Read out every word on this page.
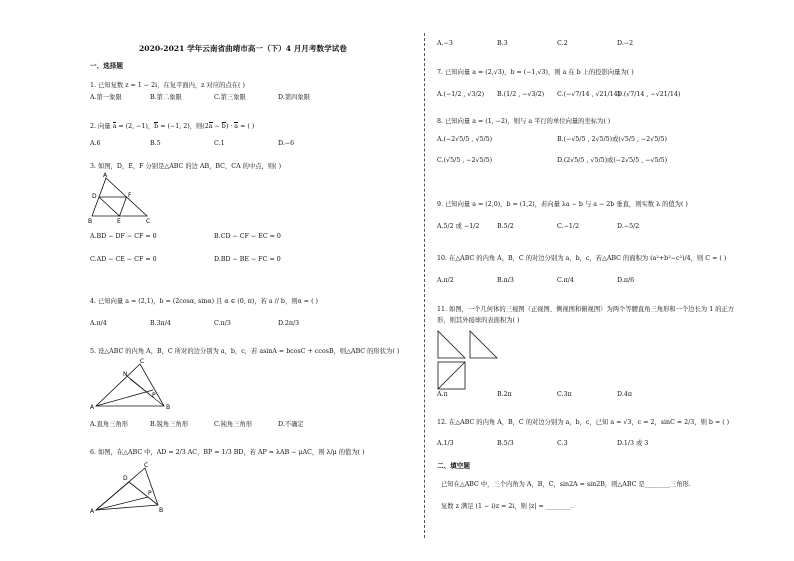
2020-2021 学年云南省曲靖市高一（下）4 月月考数学试卷
一、选择题
1. 已知复数 z = 1 − 2i，在复平面内，z 对应的点在( )
A.第一象限	B.第二象限	C.第三象限	D.第四象限
2. 向量 a = (2, −1)，b = (−1, 2)，则(2a − b) · a = ( )
A.6	B.5	C.1	D.−6
3. 如图，D，E，F 分别是△ABC 的边 AB，BC，CA 的中点，则( )
A
B	C
D
E
F
A.BD − DF − CF = 0	B.CD − CF − EC = 0
C.AD − CE − CF = 0	D.BD − BE − FC = 0
4. 已知向量 a = (2,1)，b = (2cosα, sinα) 且 α ∈ (0, π)，若 a // b，则α = ( )
A.π/4	B.3π/4	C.π/3	D.2π/3
5. 设△ABC 的内角 A，B，C 所对的边分别为 a，b，c，若 asinA = bcosC + ccosB，则△ABC 的形状为( )
C
A	B
N
P
A.直角三角形	B.锐角三角形	C.钝角三角形	D.不确定
6. 如图，在△ABC 中，AD = 2/3 AC，BP = 1/3 BD，若 AP = λAB − μAC，则 λ/μ 的值为( )
C
A	B
D
P
A.−3	B.3	C.2	D.−2
7. 已知向量 a = (2,√3)，b = (−1,√3)，则 a 在 b 上的投影向量为( )
A.(−1/2 , √3/2) B.(1/2 , −√3/2) C.(−√7/14 , √21/14)
D.(√7/14 , −√21/14)
8. 已知向量 a = (1, −2)，则与 a 平行的单位向量的坐标为( )
A.(−2√5/5 , √5/5)	B.(−√5/5 , 2√5/5)或(√5/5 , −2√5/5)
C.(√5/5 , −2√5/5)	D.(2√5/5 , √5/5)或(−2√5/5 , −√5/5)
9. 已知向量 a = (2,0)，b = (1,2)，若向量 λa − b 与 a − 2b 垂直，则实数 λ 的值为( )
A.5/2 或 −1/2	B.5/2	C.−1/2	D.−5/2
10. 在△ABC 的内角 A，B，C 的对边分别为 a，b，c，若△ABC 的面积为 (a²+b²−c²)/4，则 C = ( )
A.π/2	B.π/3	C.π/4	D.π/6
11. 如图，一个几何体的三视图（正视图、侧视图和俯视图）为两个等腰直角三角形和一个边长为 1 的正方
形，则其外接球的表面积为( )
A.π	B.2π	C.3π	D.4π
12. 在△ABC 的内角 A，B，C 的对边分别为 a，b，c，已知 a = √3，c = 2，sinC = 2/3，则 b = ( )
A.1/3	B.5/3	C.3	D.1/3 或 3
二、填空题
已知在△ABC 中，三个内角为 A，B，C，sin2A = sin2B，则△ABC 是________三角形.
复数 z 满足 (1 − i)z = 2i，则 |z| = ________.
